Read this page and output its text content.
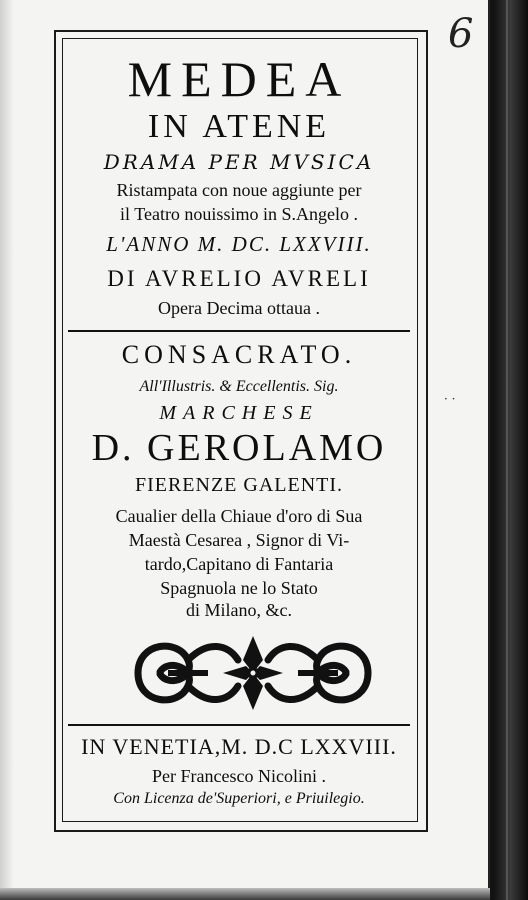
6

MEDEA

IN ATENE

DRAMA PER MVSICA

Ristampata con noue aggiunte per

il Teatro nouissimo in S.Angelo .

L'ANNO M. DC. LXXVIII.

DI AVRELIO AVRELI

Opera Decima ottaua .

CONSACRATO.

All'Illustris. & Eccellentis. Sig.

MARCHESE

D. GEROLAMO

FIERENZE GALENTI.

Caualier della Chiaue d'oro di Sua

Maestà Cesarea , Signor di Vi-

tardo,Capitano di Fantaria

Spagnuola ne lo Stato

di Milano, &c.

IN VENETIA,M. D.C LXXVIII.

Per Francesco Nicolini .

Con Licenza de'Superiori, e Priuilegio.

· ·
